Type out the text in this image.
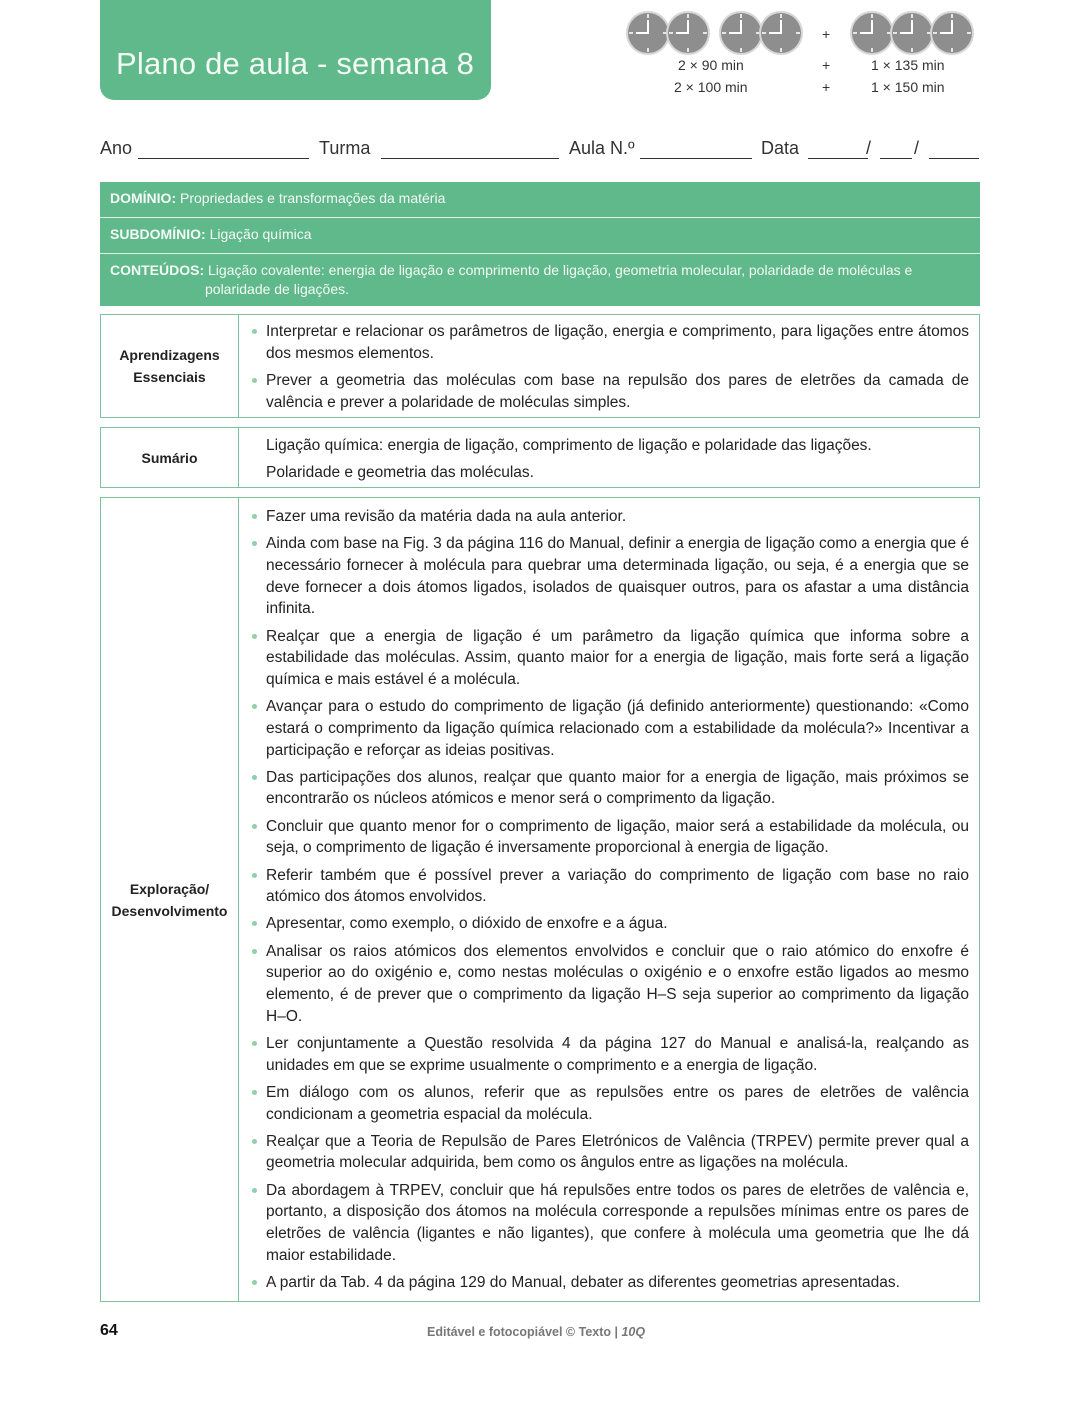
Plano de aula - semana 8
+
2 × 90 min	+	1 × 135 min
2 × 100 min	+	1 × 150 min
Ano	Turma	Aula N.º	Data	/ /
DOMÍNIO: Propriedades e transformações da matéria
SUBDOMÍNIO: Ligação química
CONTEÚDOS: Ligação covalente: energia de ligação e comprimento de ligação, geometria molecular, polaridade de moléculas e
polaridade de ligações.
Aprendizagens
Essenciais
Interpretar e relacionar os parâmetros de ligação, energia e comprimento, para ligações entre átomos dos mesmos elementos.
Prever a geometria das moléculas com base na repulsão dos pares de eletrões da camada de valência e prever a polaridade de moléculas simples.
Sumário
Ligação química: energia de ligação, comprimento de ligação e polaridade das ligações.
Polaridade e geometria das moléculas.
Exploração/
Desenvolvimento
Fazer uma revisão da matéria dada na aula anterior.
Ainda com base na Fig. 3 da página 116 do Manual, definir a energia de ligação como a energia que é necessário fornecer à molécula para quebrar uma determinada ligação, ou seja, é a energia que se deve fornecer a dois átomos ligados, isolados de quaisquer outros, para os afastar a uma distância infinita.
Realçar que a energia de ligação é um parâmetro da ligação química que informa sobre a estabilidade das moléculas. Assim, quanto maior for a energia de ligação, mais forte será a ligação química e mais estável é a molécula.
Avançar para o estudo do comprimento de ligação (já definido anteriormente) questionando: «Como estará o comprimento da ligação química relacionado com a estabilidade da molécula?» Incentivar a participação e reforçar as ideias positivas.
Das participações dos alunos, realçar que quanto maior for a energia de ligação, mais próximos se encontrarão os núcleos atómicos e menor será o comprimento da ligação.
Concluir que quanto menor for o comprimento de ligação, maior será a estabilidade da molécula, ou seja, o comprimento de ligação é inversamente proporcional à energia de ligação.
Referir também que é possível prever a variação do comprimento de ligação com base no raio atómico dos átomos envolvidos.
Apresentar, como exemplo, o dióxido de enxofre e a água.
Analisar os raios atómicos dos elementos envolvidos e concluir que o raio atómico do enxofre é superior ao do oxigénio e, como nestas moléculas o oxigénio e o enxofre estão ligados ao mesmo elemento, é de prever que o comprimento da ligação H–S seja superior ao comprimento da ligação H–O.
Ler conjuntamente a Questão resolvida 4 da página 127 do Manual e analisá-la, realçando as unidades em que se exprime usualmente o comprimento e a energia de ligação.
Em diálogo com os alunos, referir que as repulsões entre os pares de eletrões de valência condicionam a geometria espacial da molécula.
Realçar que a Teoria de Repulsão de Pares Eletrónicos de Valência (TRPEV) permite prever qual a geometria molecular adquirida, bem como os ângulos entre as ligações na molécula.
Da abordagem à TRPEV, concluir que há repulsões entre todos os pares de eletrões de valência e, portanto, a disposição dos átomos na molécula corresponde a repulsões mínimas entre os pares de eletrões de valência (ligantes e não ligantes), que confere à molécula uma geometria que lhe dá maior estabilidade.
A partir da Tab. 4 da página 129 do Manual, debater as diferentes geometrias apresentadas.
64	Editável e fotocopiável © Texto | 10Q
